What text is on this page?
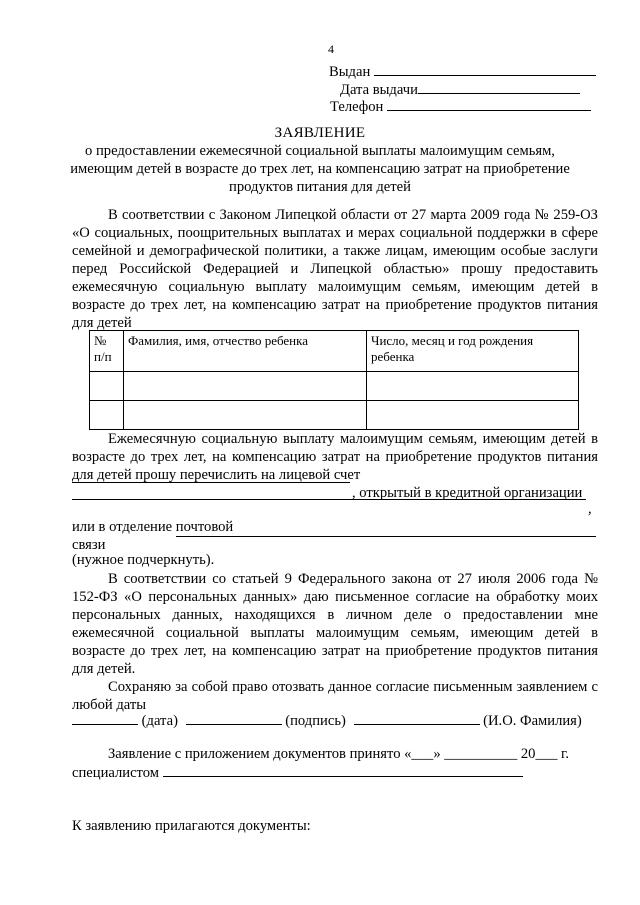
4
Выдан
Дата выдачи
Телефон
ЗАЯВЛЕНИЕ
о предоставлении ежемесячной социальной выплаты малоимущим семьям,
имеющим детей в возрасте до трех лет, на компенсацию затрат на приобретение
продуктов питания для детей
В соответствии с Законом Липецкой области от 27 марта 2009 года № 259-ОЗ «О социальных, поощрительных выплатах и мерах социальной поддержки в сфере семейной и демографической политики, а также лицам, имеющим особые заслуги перед Российской Федерацией и Липецкой областью» прошу предоставить ежемесячную социальную выплату малоимущим семьям, имеющим детей в возрасте до трех лет, на компенсацию затрат на приобретение продуктов питания для детей
№ п/п	Фамилия, имя, отчество ребенка	Число, месяц и год рождения ребенка

Ежемесячную социальную выплату малоимущим семьям, имеющим детей в возрасте до трех лет, на компенсацию затрат на приобретение продуктов питания для детей прошу перечислить на лицевой счет
, открытый в кредитной организации
,
или в отделение почтовой
связи
(нужное подчеркнуть).
В соответствии со статьей 9 Федерального закона от 27 июля 2006 года № 152-ФЗ «О персональных данных» даю письменное согласие на обработку моих персональных данных, находящихся в личном деле о предоставлении мне ежемесячной социальной выплаты малоимущим семьям, имеющим детей в возрасте до трех лет, на компенсацию затрат на приобретение продуктов питания для детей.
Сохраняю за собой право отозвать данное согласие письменным заявлением с любой даты
(дата)	(подпись)	(И.О. Фамилия)
Заявление с приложением документов принято «___» __________ 20___ г.
специалистом
К заявлению прилагаются документы:
